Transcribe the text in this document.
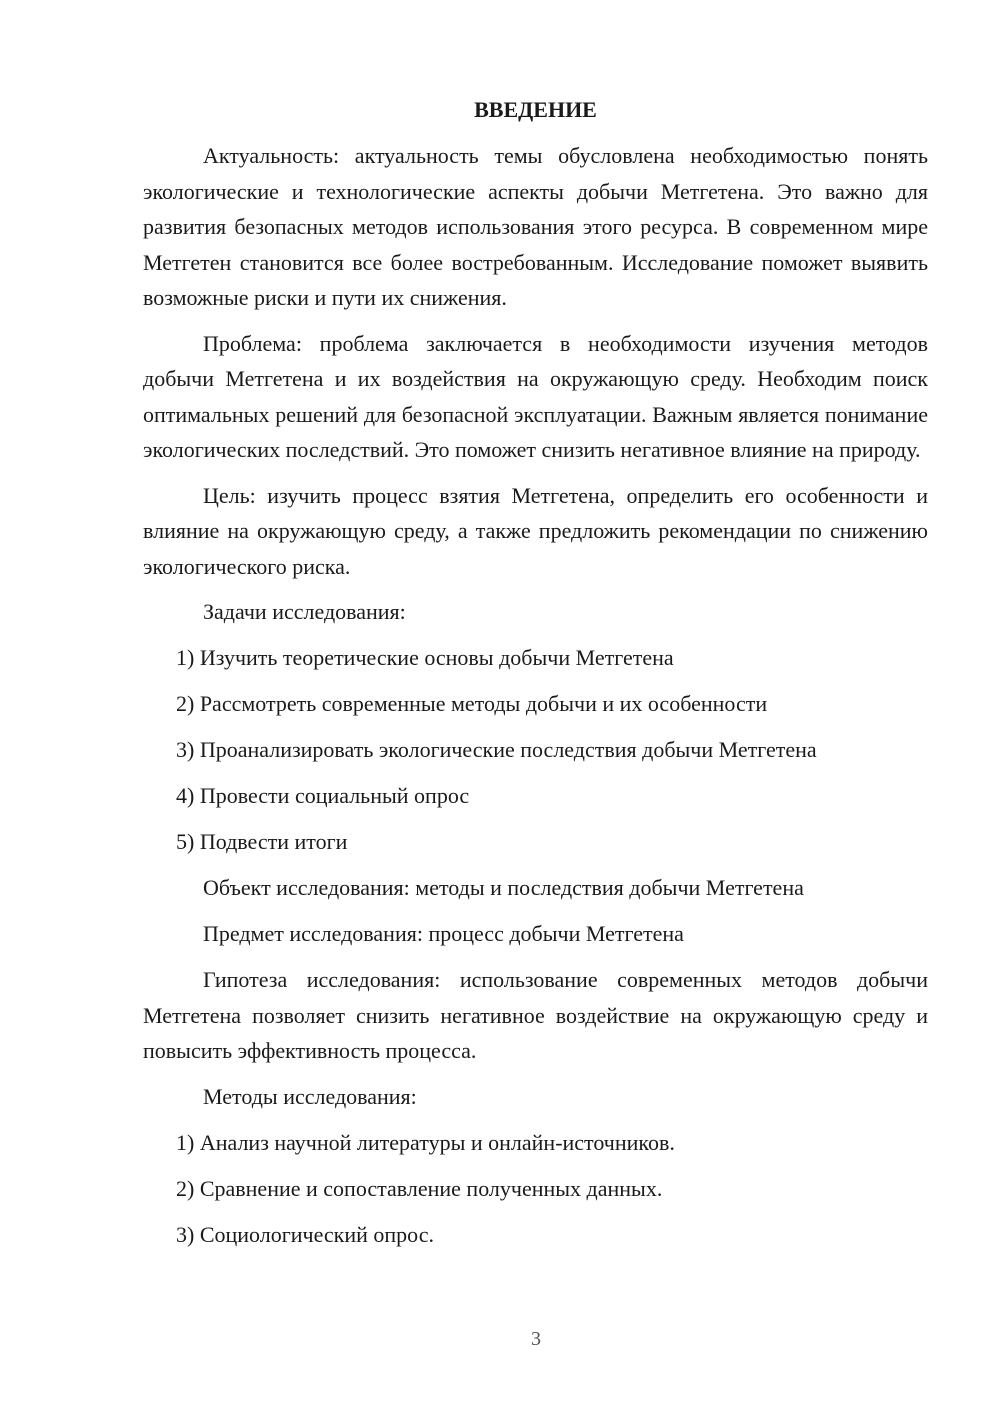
ВВЕДЕНИЕ
Актуальность: актуальность темы обусловлена необходимостью понять экологические и технологические аспекты добычи Метгетена. Это важно для развития безопасных методов использования этого ресурса. В современном мире Метгетен становится все более востребованным. Исследование поможет выявить возможные риски и пути их снижения.
Проблема: проблема заключается в необходимости изучения методов добычи Метгетена и их воздействия на окружающую среду. Необходим поиск оптимальных решений для безопасной эксплуатации. Важным является понимание экологических последствий. Это поможет снизить негативное влияние на природу.
Цель: изучить процесс взятия Метгетена, определить его особенности и влияние на окружающую среду, а также предложить рекомендации по снижению экологического риска.
Задачи исследования:
1) Изучить теоретические основы добычи Метгетена
2) Рассмотреть современные методы добычи и их особенности
3) Проанализировать экологические последствия добычи Метгетена
4) Провести социальный опрос
5) Подвести итоги
Объект исследования: методы и последствия добычи Метгетена
Предмет исследования: процесс добычи Метгетена
Гипотеза исследования: использование современных методов добычи Метгетена позволяет снизить негативное воздействие на окружающую среду и повысить эффективность процесса.
Методы исследования:
1) Анализ научной литературы и онлайн-источников.
2) Сравнение и сопоставление полученных данных.
3) Социологический опрос.
3
